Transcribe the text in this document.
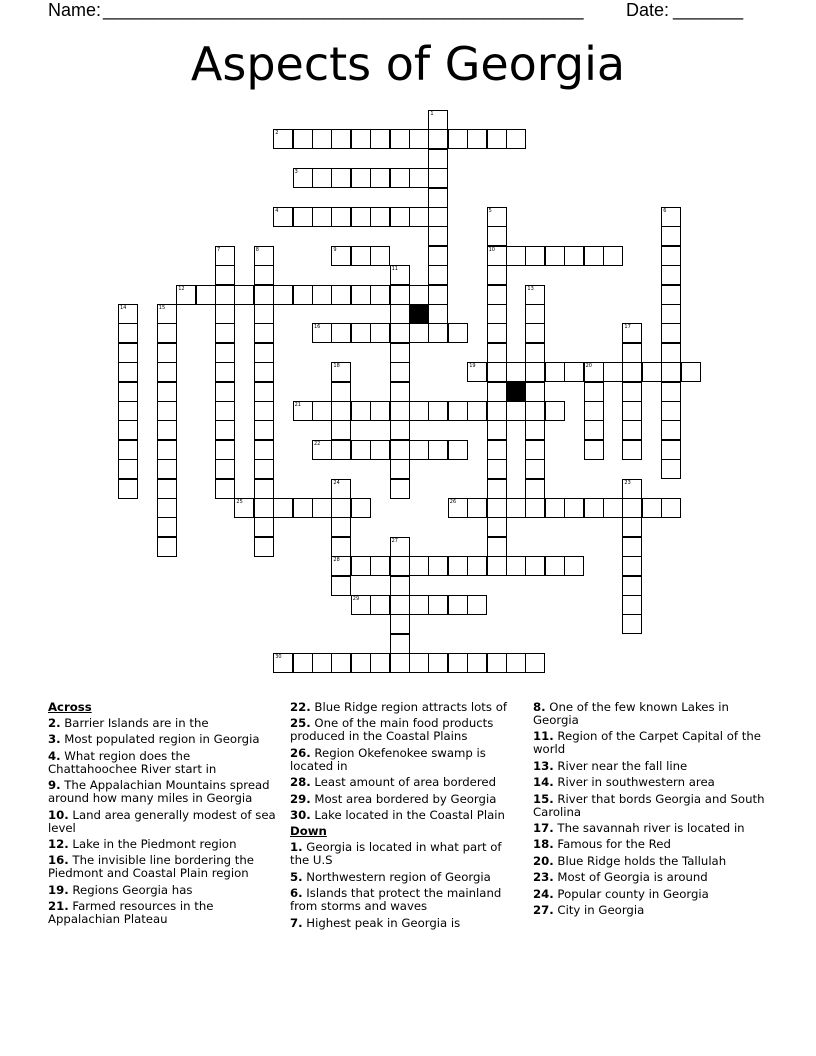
Name: ________________________________________________ Date: _______
Aspects of Georgia
2
3
4
9	10
12
16
19	20
21
22
25	26
28
29
30
1
5	6
7	8
11
13
14	15
17
18
23
24
27
Across
2. Barrier Islands are in the
3. Most populated region in Georgia
4. What region does the Chattahoochee River start in
9. The Appalachian Mountains spread around how many miles in Georgia
10. Land area generally modest of sea level
12. Lake in the Piedmont region
16. The invisible line bordering the Piedmont and Coastal Plain region
19. Regions Georgia has
21. Farmed resources in the Appalachian Plateau
22. Blue Ridge region attracts lots of
25. One of the main food products produced in the Coastal Plains
26. Region Okefenokee swamp is located in
28. Least amount of area bordered
29. Most area bordered by Georgia
30. Lake located in the Coastal Plain
Down
1. Georgia is located in what part of the U.S
5. Northwestern region of Georgia
6. Islands that protect the mainland from storms and waves
7. Highest peak in Georgia is
8. One of the few known Lakes in Georgia
11. Region of the Carpet Capital of the world
13. River near the fall line
14. River in southwestern area
15. River that bords Georgia and South Carolina
17. The savannah river is located in
18. Famous for the Red
20. Blue Ridge holds the Tallulah
23. Most of Georgia is around
24. Popular county in Georgia
27. City in Georgia
